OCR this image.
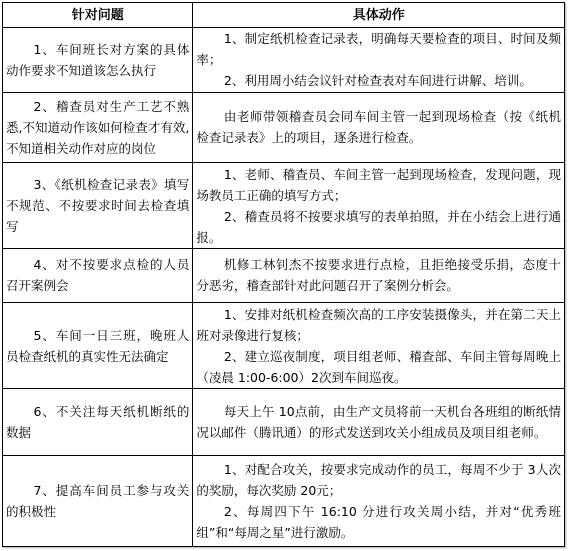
针对问题	具体动作

1、车间班长对方案的具体动作要求不知道该怎么执行	1、制定纸机检查记录表，明确每天要检查的项目、时间及频率；
2、利用周小结会议针对检查表对车间进行讲解、培训。

2、稽查员对生产工艺不熟悉,不知道动作该如何检查才有效,不知道相关动作对应的岗位	由老师带领稽查员会同车间主管一起到现场检查（按《纸机检查记录表》上的项目，逐条进行检查。

3、《纸机检查记录表》填写不规范、不按要求时间去检查填写	1、老师、稽查员、车间主管一起到现场检查，发现问题，现场教员工正确的填写方式；
2、稽查员将不按要求填写的表单拍照，并在小结会上进行通报。

4、对不按要求点检的人员召开案例会	机修工林钊杰不按要求进行点检，且拒绝接受乐捐，态度十分恶劣，稽查部针对此问题召开了案例分析会。

5、车间一日三班，晚班人员检查纸机的真实性无法确定	1、安排对纸机检查频次高的工序安装摄像头，并在第二天上班对录像进行复核；
2、建立巡夜制度，项目组老师、稽查部、车间主管每周晚上（凌晨 1:00-6:00）2次到车间巡夜。

6、不关注每天纸机断纸的数据	每天上午 10点前，由生产文员将前一天机台各班组的断纸情况以邮件（腾讯通）的形式发送到攻关小组成员及项目组老师。

7、提高车间员工参与攻关的积极性	1、对配合攻关，按要求完成动作的员工，每周不少于 3人次的奖励，每次奖励 20元；
2、每周四下午 16:10 分进行攻关周小结，并对“优秀班组”和“每周之星”进行激励。
